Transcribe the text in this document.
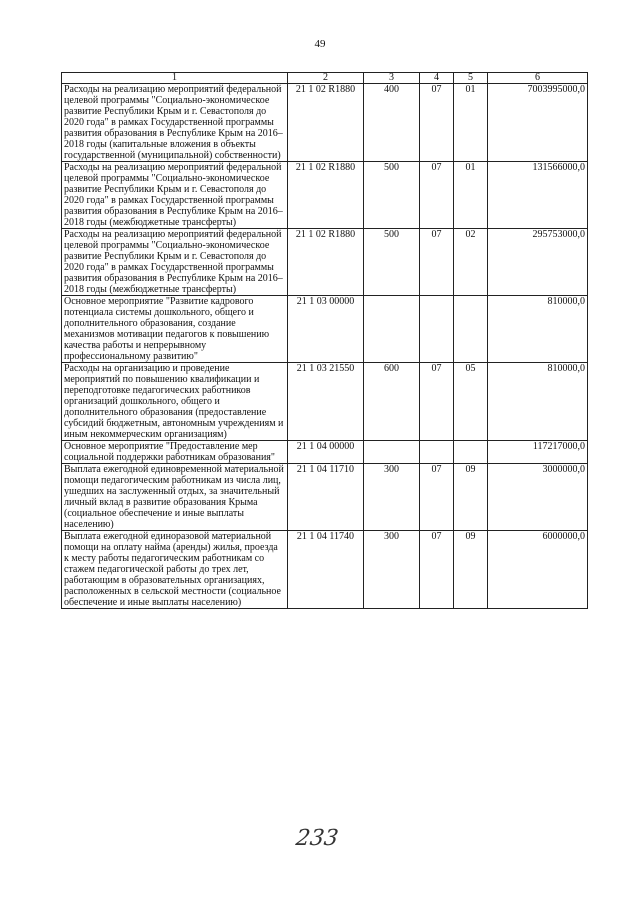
49
1	2	3	4	5	6
Расходы на реализацию мероприятий федеральной целевой программы "Социально-экономическое развитие Республики Крым и г. Севастополя до 2020 года" в рамках Государственной программы развития образования в Республике Крым на 2016–2018 годы (капитальные вложения в объекты государственной (муниципальной) собственности)	21 1 02 R1880	400	07	01	7003995000,0
Расходы на реализацию мероприятий федеральной целевой программы "Социально-экономическое развитие Республики Крым и г. Севастополя до 2020 года" в рамках Государственной программы развития образования в Республике Крым на 2016–2018 годы (межбюджетные трансферты)	21 1 02 R1880	500	07	01	131566000,0
Расходы на реализацию мероприятий федеральной целевой программы "Социально-экономическое развитие Республики Крым и г. Севастополя до 2020 года" в рамках Государственной программы развития образования в Республике Крым на 2016–2018 годы (межбюджетные трансферты)	21 1 02 R1880	500	07	02	295753000,0
Основное мероприятие "Развитие кадрового потенциала системы дошкольного, общего и дополнительного образования, создание механизмов мотивации педагогов к повышению качества работы и непрерывному профессиональному развитию"	21 1 03 00000				810000,0
Расходы на организацию и проведение мероприятий по повышению квалификации и переподготовке педагогических работников организаций дошкольного, общего и дополнительного образования (предоставление субсидий бюджетным, автономным учреждениям и иным некоммерческим организациям)	21 1 03 21550	600	07	05	810000,0
Основное мероприятие "Предоставление мер социальной поддержки работникам образования"	21 1 04 00000				117217000,0
Выплата ежегодной единовременной материальной помощи педагогическим работникам из числа лиц, ушедших на заслуженный отдых, за значительный личный вклад в развитие образования Крыма (социальное обеспечение и иные выплаты населению)	21 1 04 11710	300	07	09	3000000,0
Выплата ежегодной единоразовой материальной помощи на оплату найма (аренды) жилья, проезда к месту работы педагогическим работникам со стажем педагогической работы до трех лет, работающим в образовательных организациях, расположенных в сельской местности (социальное обеспечение и иные выплаты населению)	21 1 04 11740	300	07	09	6000000,0
233
